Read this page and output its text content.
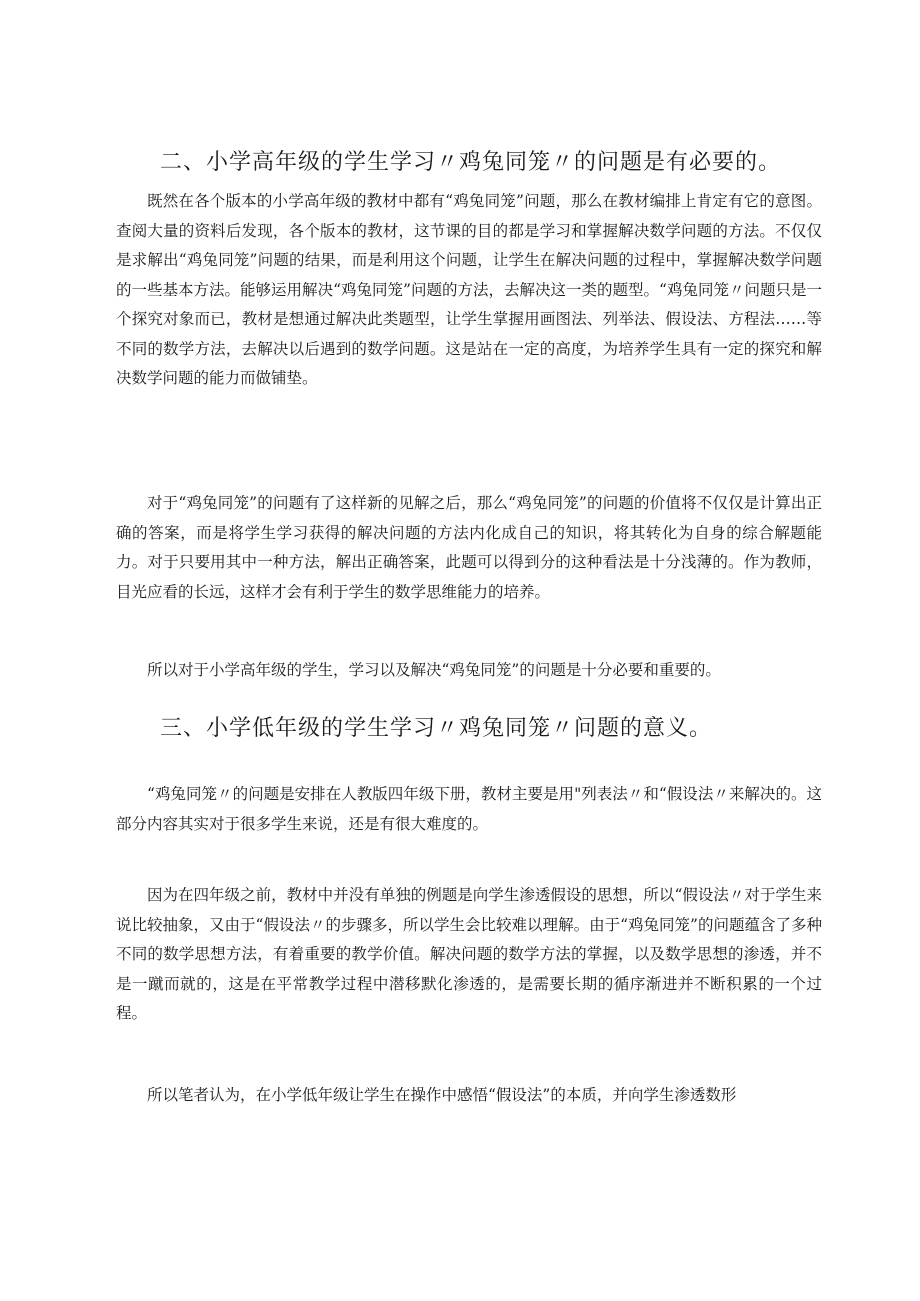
二、小学高年级的学生学习〃鸡兔同笼〃的问题是有必要的。

既然在各个版本的小学高年级的教材中都有“鸡兔同笼”问题，那么在教材编排上肯定有它的意图。查阅大量的资料后发现，各个版本的教材，这节课的目的都是学习和掌握解决数学问题的方法。不仅仅是求解出“鸡兔同笼”问题的结果，而是利用这个问题，让学生在解决问题的过程中，掌握解决数学问题的一些基本方法。能够运用解决“鸡兔同笼”问题的方法，去解决这一类的题型。“鸡兔同笼〃问题只是一个探究对象而已，教材是想通过解决此类题型，让学生掌握用画图法、列举法、假设法、方程法……等不同的数学方法，去解决以后遇到的数学问题。这是站在一定的高度，为培养学生具有一定的探究和解决数学问题的能力而做铺垫。

对于“鸡兔同笼”的问题有了这样新的见解之后，那么“鸡兔同笼”的问题的价值将不仅仅是计算出正确的答案，而是将学生学习获得的解决问题的方法内化成自己的知识，将其转化为自身的综合解题能力。对于只要用其中一种方法，解出正确答案，此题可以得到分的这种看法是十分浅薄的。作为教师，目光应看的长远，这样才会有利于学生的数学思维能力的培养。

所以对于小学高年级的学生，学习以及解决“鸡兔同笼”的问题是十分必要和重要的。

三、小学低年级的学生学习〃鸡兔同笼〃问题的意义。

“鸡兔同笼〃的问题是安排在人教版四年级下册，教材主要是用"列表法〃和“假设法〃来解决的。这部分内容其实对于很多学生来说，还是有很大难度的。

因为在四年级之前，教材中并没有单独的例题是向学生渗透假设的思想，所以“假设法〃对于学生来说比较抽象，又由于“假设法〃的步骤多，所以学生会比较难以理解。由于“鸡兔同笼”的问题蕴含了多种不同的数学思想方法，有着重要的教学价值。解决问题的数学方法的掌握，以及数学思想的渗透，并不是一蹴而就的，这是在平常教学过程中潜移默化渗透的，是需要长期的循序渐进并不断积累的一个过程。

所以笔者认为，在小学低年级让学生在操作中感悟“假设法”的本质，并向学生渗透数形
